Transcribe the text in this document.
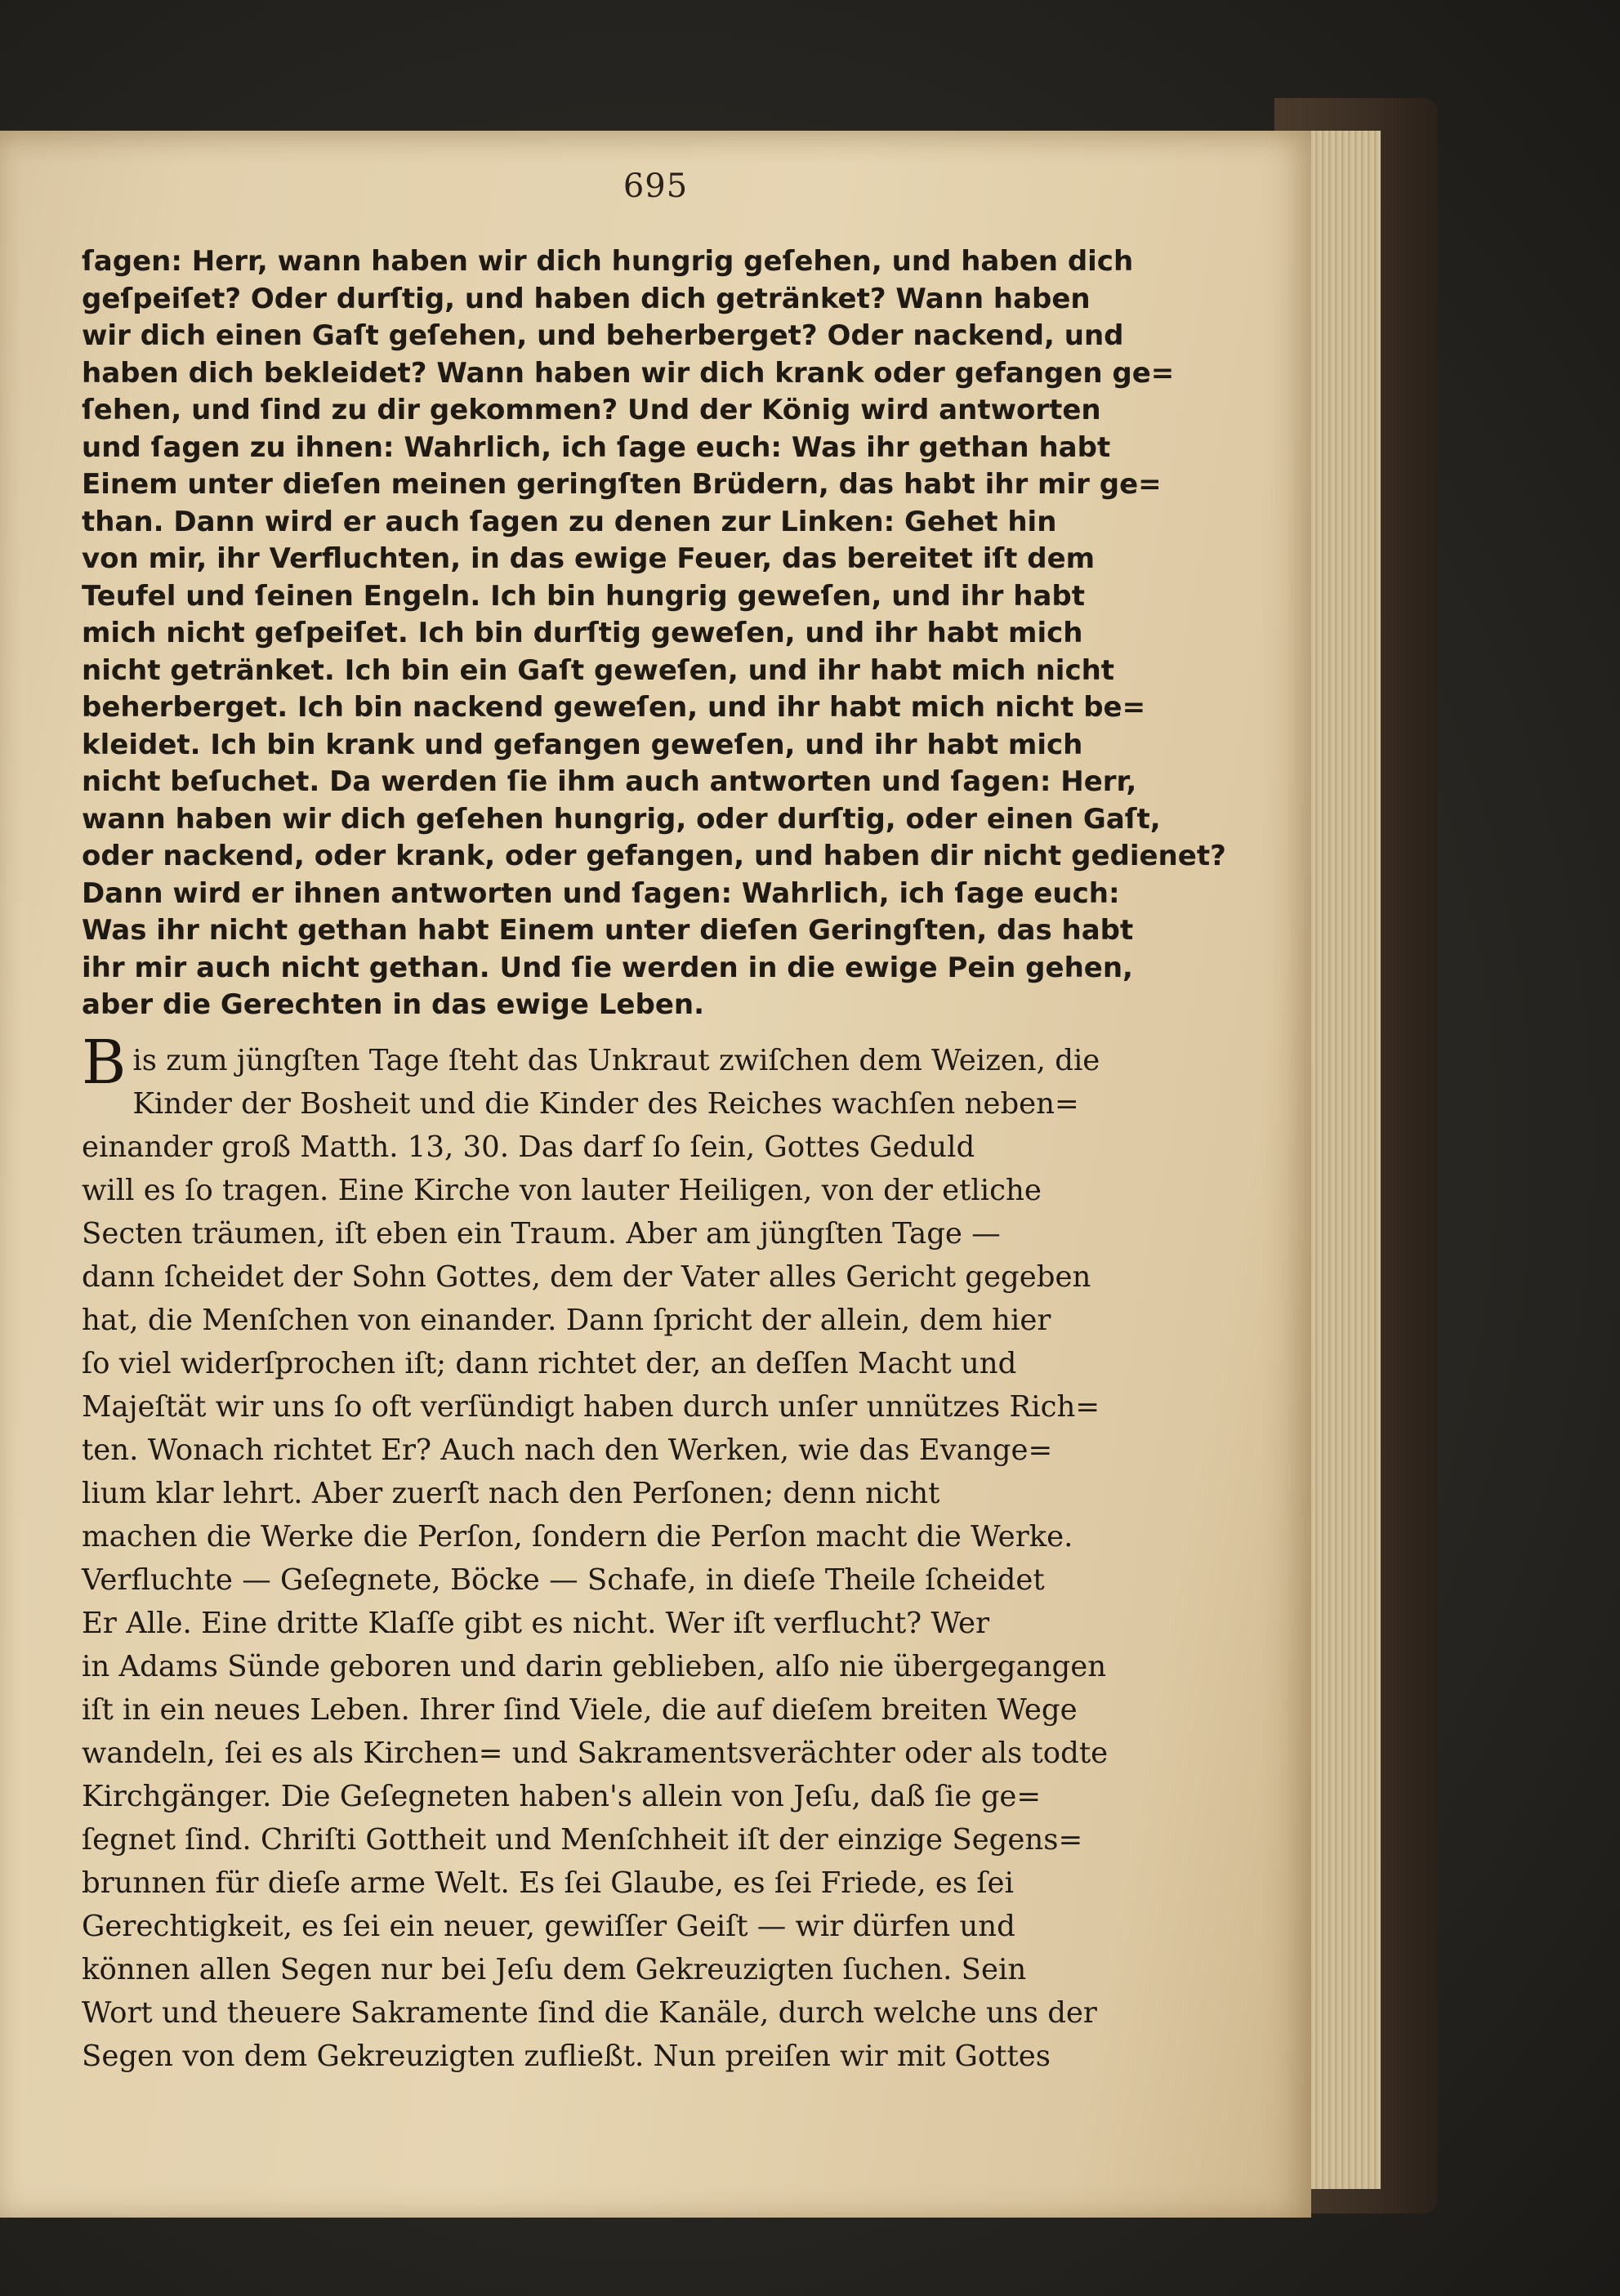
695
ſagen: Herr, wann haben wir dich hungrig geſehen, und haben dich
geſpeiſet? Oder durſtig, und haben dich getränket? Wann haben
wir dich einen Gaſt geſehen, und beherberget? Oder nackend, und
haben dich bekleidet? Wann haben wir dich krank oder gefangen ge=
ſehen, und ſind zu dir gekommen? Und der König wird antworten
und ſagen zu ihnen: Wahrlich, ich ſage euch: Was ihr gethan habt
Einem unter dieſen meinen geringſten Brüdern, das habt ihr mir ge=
than. Dann wird er auch ſagen zu denen zur Linken: Gehet hin
von mir, ihr Verfluchten, in das ewige Feuer, das bereitet iſt dem
Teufel und ſeinen Engeln. Ich bin hungrig geweſen, und ihr habt
mich nicht geſpeiſet. Ich bin durſtig geweſen, und ihr habt mich
nicht getränket. Ich bin ein Gaſt geweſen, und ihr habt mich nicht
beherberget. Ich bin nackend geweſen, und ihr habt mich nicht be=
kleidet. Ich bin krank und gefangen geweſen, und ihr habt mich
nicht beſuchet. Da werden ſie ihm auch antworten und ſagen: Herr,
wann haben wir dich geſehen hungrig, oder durſtig, oder einen Gaſt,
oder nackend, oder krank, oder gefangen, und haben dir nicht gedienet?
Dann wird er ihnen antworten und ſagen: Wahrlich, ich ſage euch:
Was ihr nicht gethan habt Einem unter dieſen Geringſten, das habt
ihr mir auch nicht gethan. Und ſie werden in die ewige Pein gehen,
aber die Gerechten in das ewige Leben.
B is zum jüngſten Tage ſteht das Unkraut zwiſchen dem Weizen, die
Kinder der Bosheit und die Kinder des Reiches wachſen neben=
einander groß Matth. 13, 30. Das darf ſo ſein, Gottes Geduld
will es ſo tragen. Eine Kirche von lauter Heiligen, von der etliche
Secten träumen, iſt eben ein Traum. Aber am jüngſten Tage —
dann ſcheidet der Sohn Gottes, dem der Vater alles Gericht gegeben
hat, die Menſchen von einander. Dann ſpricht der allein, dem hier
ſo viel widerſprochen iſt; dann richtet der, an deſſen Macht und
Majeſtät wir uns ſo oft verſündigt haben durch unſer unnützes Rich=
ten. Wonach richtet Er? Auch nach den Werken, wie das Evange=
lium klar lehrt. Aber zuerſt nach den Perſonen; denn nicht
machen die Werke die Perſon, ſondern die Perſon macht die Werke.
Verfluchte — Geſegnete, Böcke — Schafe, in dieſe Theile ſcheidet
Er Alle. Eine dritte Klaſſe gibt es nicht. Wer iſt verflucht? Wer
in Adams Sünde geboren und darin geblieben, alſo nie übergegangen
iſt in ein neues Leben. Ihrer ſind Viele, die auf dieſem breiten Wege
wandeln, ſei es als Kirchen= und Sakramentsverächter oder als todte
Kirchgänger. Die Geſegneten haben's allein von Jeſu, daß ſie ge=
ſegnet ſind. Chriſti Gottheit und Menſchheit iſt der einzige Segens=
brunnen für dieſe arme Welt. Es ſei Glaube, es ſei Friede, es ſei
Gerechtigkeit, es ſei ein neuer, gewiſſer Geiſt — wir dürfen und
können allen Segen nur bei Jeſu dem Gekreuzigten ſuchen. Sein
Wort und theuere Sakramente ſind die Kanäle, durch welche uns der
Segen von dem Gekreuzigten zufließt. Nun preiſen wir mit Gottes
